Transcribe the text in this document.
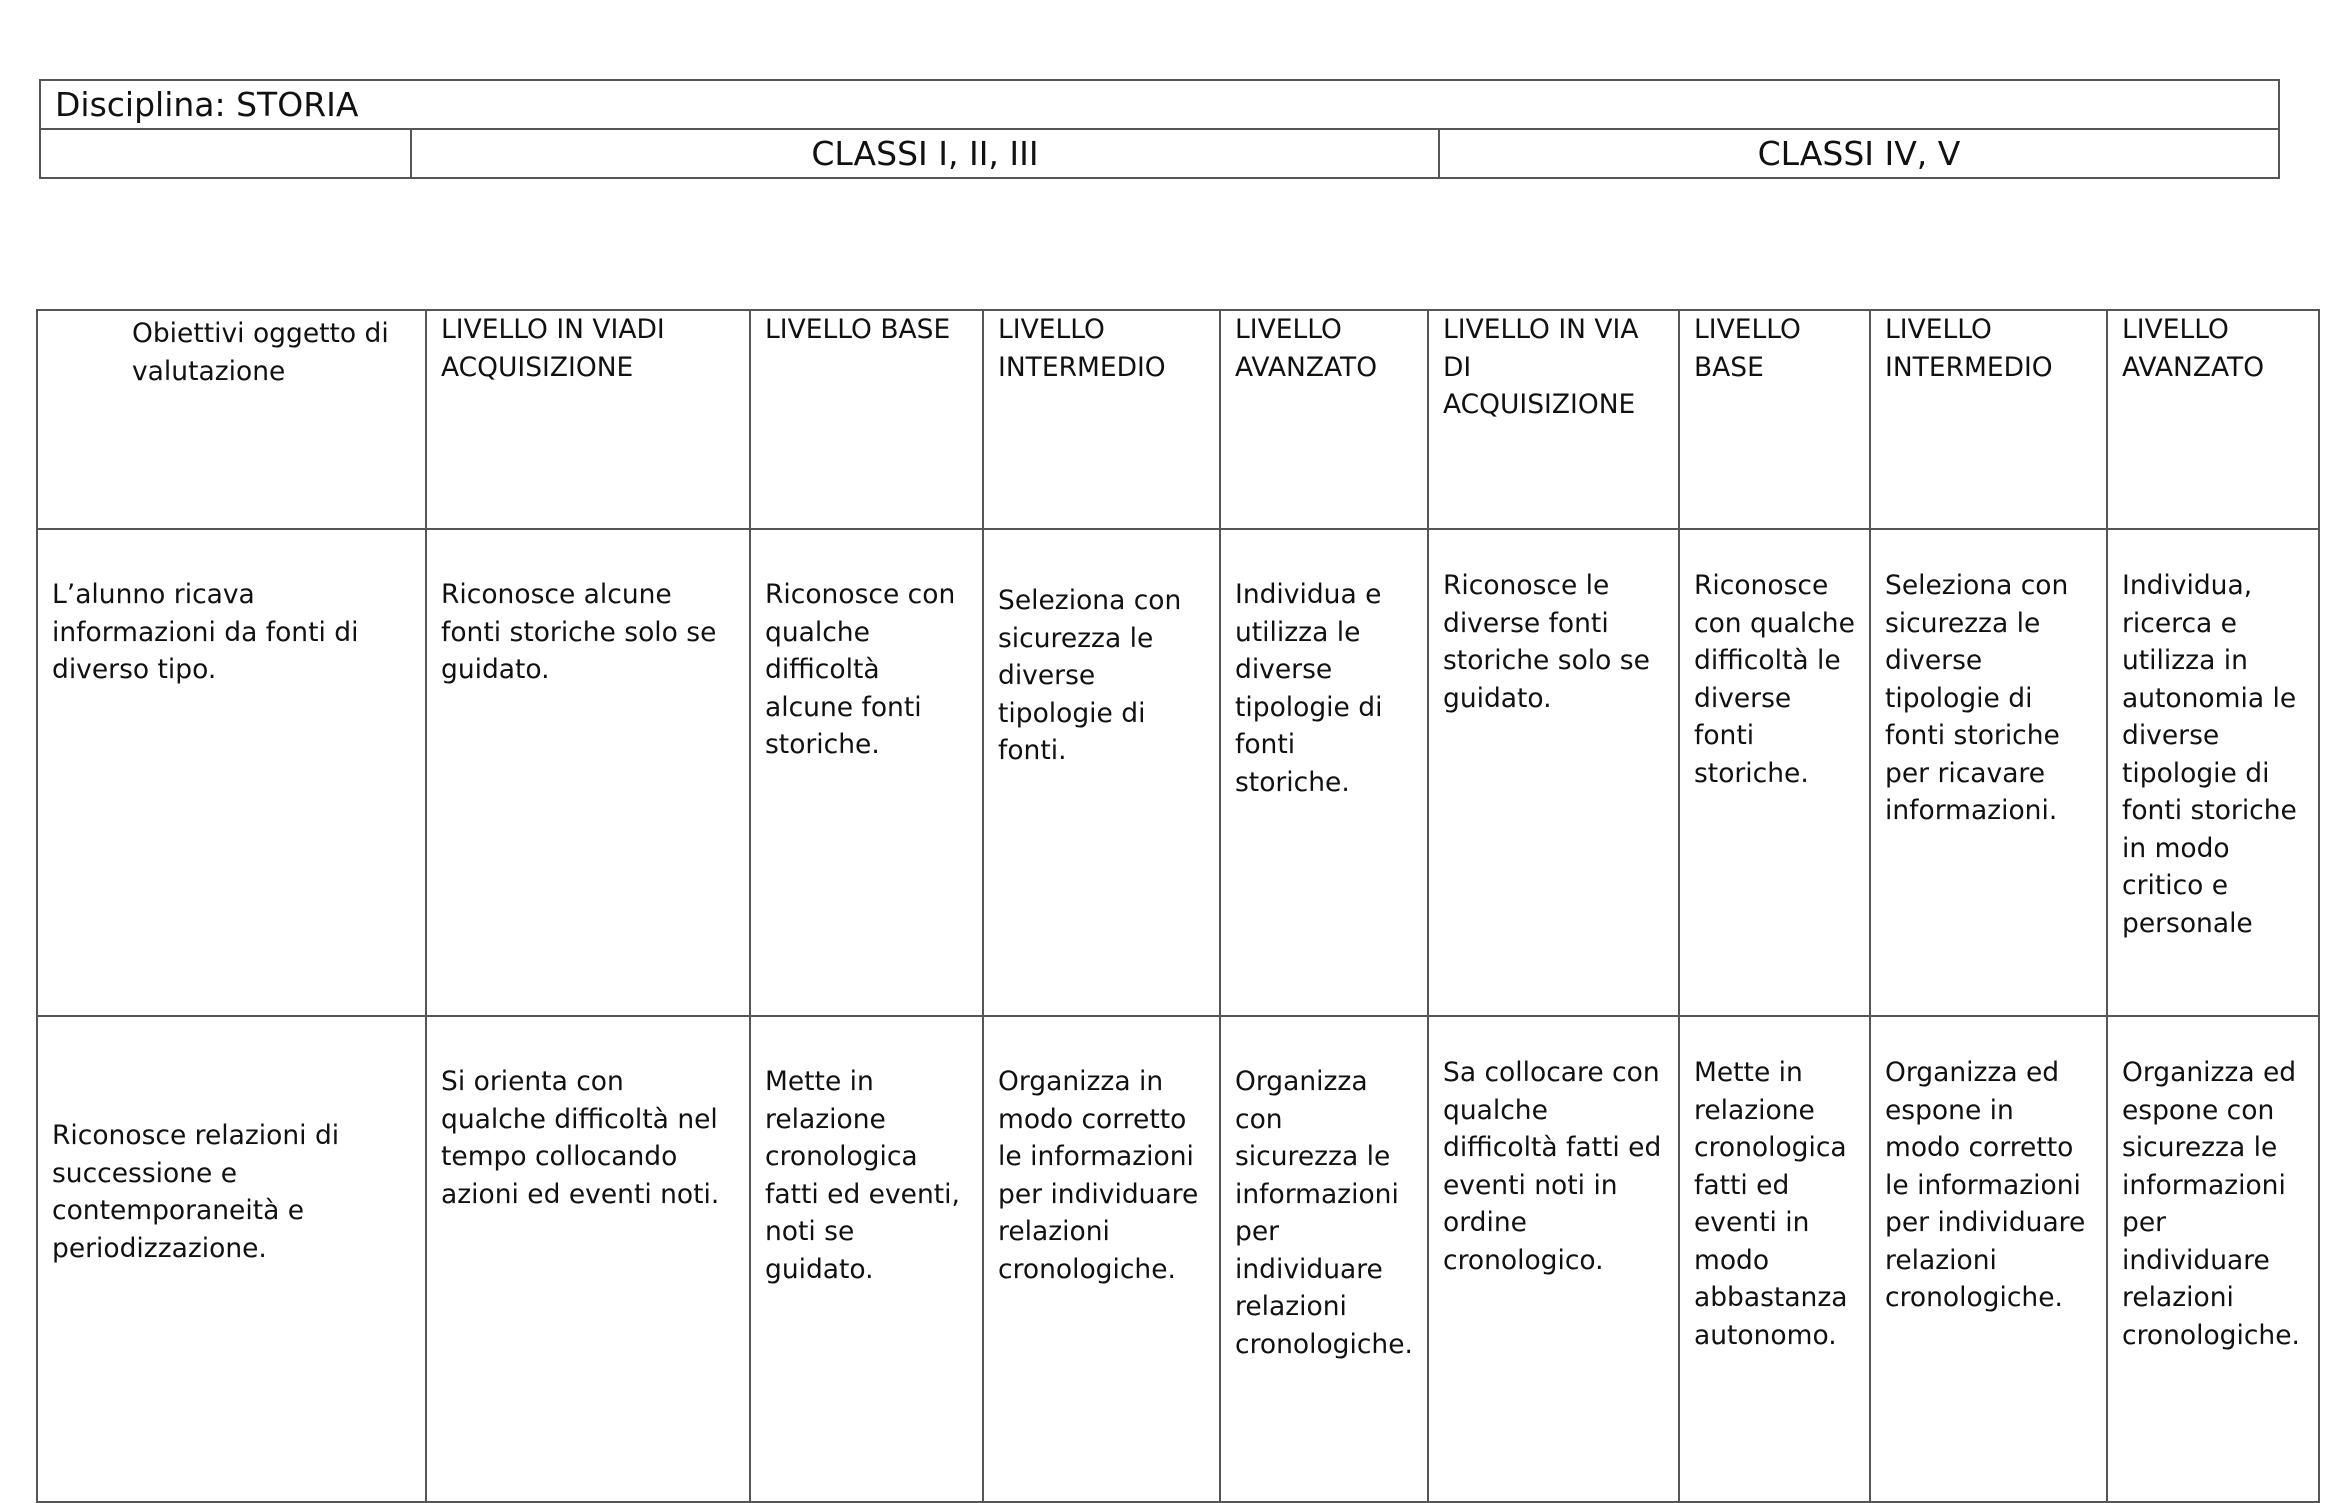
Disciplina: STORIA
	CLASSI I, II, III	CLASSI IV, V
Obiettivi oggetto di valutazione	LIVELLO IN VIADI ACQUISIZIONE	LIVELLO BASE	LIVELLO INTERMEDIO	LIVELLO AVANZATO	LIVELLO IN VIA DI ACQUISIZIONE	LIVELLO BASE	LIVELLO INTERMEDIO	LIVELLO AVANZATO
L’alunno ricava informazioni da fonti di diverso tipo.	Riconosce alcune fonti storiche solo se guidato.	Riconosce con qualche difficoltà alcune fonti storiche.	Seleziona con sicurezza le diverse tipologie di fonti.	Individua e utilizza le diverse tipologie di fonti storiche.	Riconosce le diverse fonti storiche solo se guidato.	Riconosce con qualche difficoltà le diverse fonti storiche.	Seleziona con sicurezza le diverse tipologie di fonti storiche per ricavare informazioni.	Individua, ricerca e utilizza in autonomia le diverse tipologie di fonti storiche in modo critico e personale
Riconosce relazioni di successione e contemporaneità e periodizzazione.	Si orienta con qualche difficoltà nel tempo collocando azioni ed eventi noti.	Mette in relazione cronologica fatti ed eventi, noti se guidato.	Organizza in modo corretto le informazioni per individuare relazioni cronologiche.	Organizza con sicurezza le informazioni per individuare relazioni cronologiche.	Sa collocare con qualche difficoltà fatti ed eventi noti in ordine cronologico.	Mette in relazione cronologica fatti ed eventi in modo abbastanza autonomo.	Organizza ed espone in modo corretto le informazioni per individuare relazioni cronologiche.	Organizza ed espone con sicurezza le informazioni per individuare relazioni cronologiche.
